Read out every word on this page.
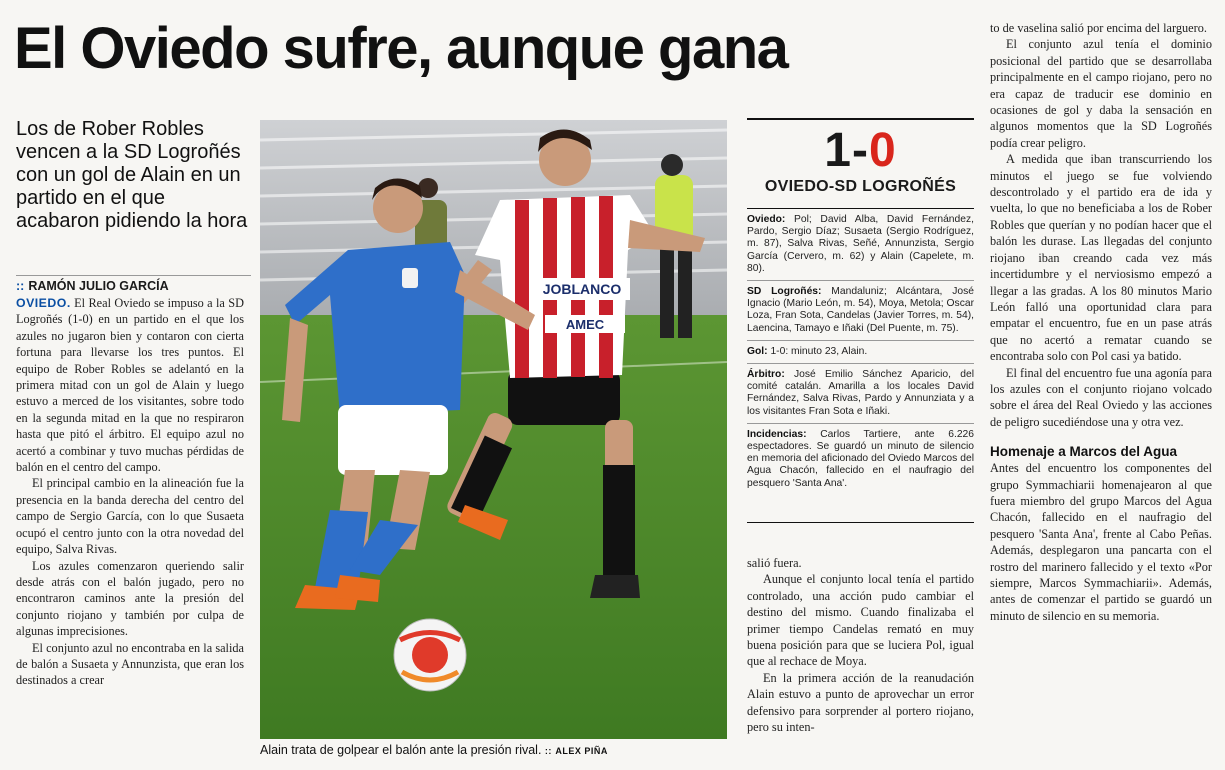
El Oviedo sufre, aunque gana
Los de Rober Robles vencen a la SD Logroñés con un gol de Alain en un partido en el que acabaron pidiendo la hora
:: RAMÓN JULIO GARCÍA

OVIEDO. El Real Oviedo se impuso a la SD Logroñés (1-0) en un partido en el que los azules no jugaron bien y contaron con cierta fortuna para llevarse los tres puntos. El equipo de Rober Robles se adelantó en la primera mitad con un gol de Alain y luego estuvo a merced de los visitantes, sobre todo en la segunda mitad en la que no respiraron hasta que pitó el árbitro. El equipo azul no acertó a combinar y tuvo muchas pérdidas de balón en el centro del campo.

El principal cambio en la alineación fue la presencia en la banda derecha del centro del campo de Sergio García, con lo que Susaeta ocupó el centro junto con la otra novedad del equipo, Salva Rivas.

Los azules comenzaron queriendo salir desde atrás con el balón jugado, pero no encontraron caminos ante la presión del conjunto riojano y también por culpa de algunas imprecisiones.

El conjunto azul no encontraba en la salida de balón a Susaeta y Annunzista, que eran los destinados a crear

JOBLANCO
AMEC
Alain trata de golpear el balón ante la presión rival. :: ALEX PIÑA
1-0
OVIEDO-SD LOGROÑÉS
Oviedo: Pol; David Alba, David Fernández, Pardo, Sergio Díaz; Susaeta (Sergio Rodríguez, m. 87), Salva Rivas, Señé, Annunzista, Sergio García (Cervero, m. 62) y Alain (Capelete, m. 80).
SD Logroñés: Mandaluniz; Alcántara, José Ignacio (Mario León, m. 54), Moya, Metola; Oscar Loza, Fran Sota, Candelas (Javier Torres, m. 54), Laencina, Tamayo e Iñaki (Del Puente, m. 75).
Gol: 1-0: minuto 23, Alain.
Árbitro: José Emilio Sánchez Aparicio, del comité catalán. Amarilla a los locales David Fernández, Salva Rivas, Pardo y Annunziata y a los visitantes Fran Sota e Iñaki.
Incidencias: Carlos Tartiere, ante 6.226 espectadores. Se guardó un minuto de silencio en memoria del aficionado del Oviedo Marcos del Agua Chacón, fallecido en el naufragio del pesquero 'Santa Ana'.

salió fuera.

Aunque el conjunto local tenía el partido controlado, una acción pudo cambiar el destino del mismo. Cuando finalizaba el primer tiempo Candelas remató en muy buena posición para que se luciera Pol, igual que al rechace de Moya.

En la primera acción de la reanudación Alain estuvo a punto de aprovechar un error defensivo para sorprender al portero riojano, pero su inten-

to de vaselina salió por encima del larguero.

El conjunto azul tenía el dominio posicional del partido que se desarrollaba principalmente en el campo riojano, pero no era capaz de traducir ese dominio en ocasiones de gol y daba la sensación en algunos momentos que la SD Logroñés podía crear peligro.

A medida que iban transcurriendo los minutos el juego se fue volviendo descontrolado y el partido era de ida y vuelta, lo que no beneficiaba a los de Rober Robles que querían y no podían hacer que el balón les durase. Las llegadas del conjunto riojano iban creando cada vez más incertidumbre y el nerviosismo empezó a llegar a las gradas. A los 80 minutos Mario León falló una oportunidad clara para empatar el encuentro, fue en un pase atrás que no acertó a rematar cuando se encontraba solo con Pol casi ya batido.

El final del encuentro fue una agonía para los azules con el conjunto riojano volcado sobre el área del Real Oviedo y las acciones de peligro sucediéndose una y otra vez.

Homenaje a Marcos del Agua

Antes del encuentro los componentes del grupo Symmachiarii homenajearon al que fuera miembro del grupo Marcos del Agua Chacón, fallecido en el naufragio del pesquero 'Santa Ana', frente al Cabo Peñas. Además, desplegaron una pancarta con el rostro del marinero fallecido y el texto «Por siempre, Marcos Symmachiarii». Además, antes de comenzar el partido se guardó un minuto de silencio en su memoria.
